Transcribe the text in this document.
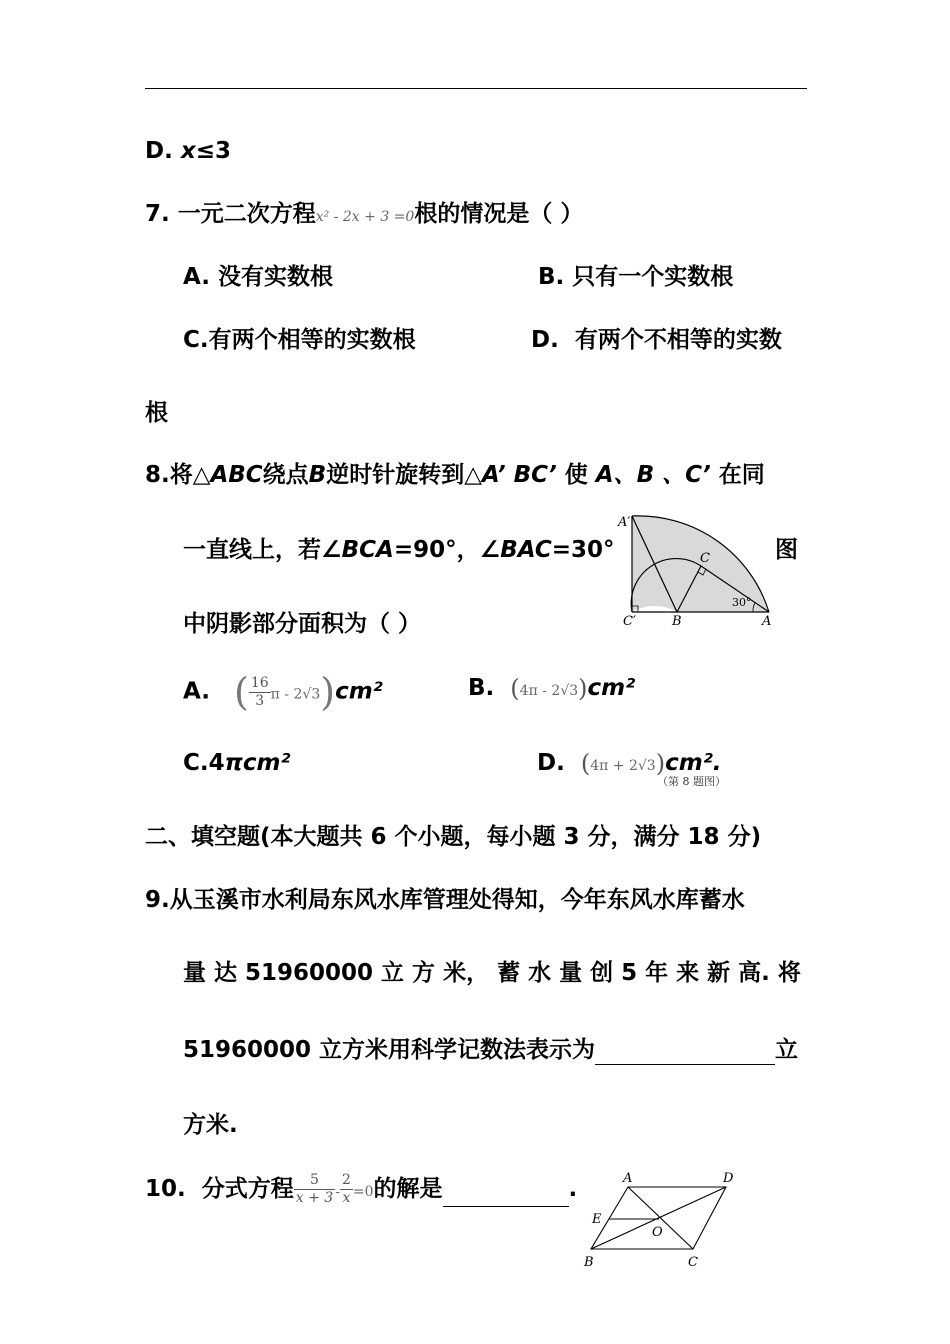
D. x≤3
7. 一元二次方程x² - 2x + 3 =0根的情况是（ ）
A. 没有实数根	B. 只有一个实数根
C.有两个相等的实数根	D. 有两个不相等的实数
根
8.将△ABC绕点B逆时针旋转到△A’ BC’ 使 A、B 、C’ 在同
一直线上，若∠BCA=90°，∠BAC=30°	图
中阴影部分面积为（ ）
A′
C
C′	B	A
30°
A. ( $\frac{16}{3}$ π - 2√3)cm²	B. (4π - 2√3)cm²
C.4πcm²	D. (4π + 2√3)cm².
（第 8 题图）
二、填空题(本大题共 6 个小题，每小题 3 分，满分 18 分)
9.从玉溪市水利局东风水库管理处得知，今年东风水库蓄水
量 达 51960000 立 方 米， 蓄 水 量 创 5 年 来 新 高. 将
51960000 立方米用科学记数法表示为	立
方米.
10. 分式方程 $\frac{5}{x + 3} - \frac{2}{x} =0$的解是	.	A	D
E
O
B	C
